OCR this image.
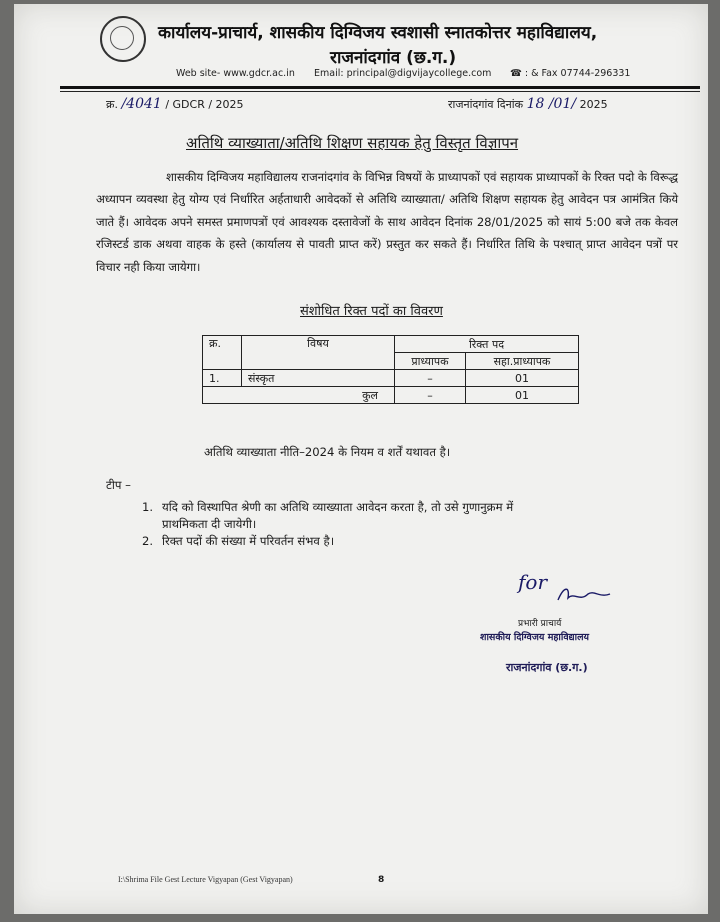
कार्यालय-प्राचार्य, शासकीय दिग्विजय स्वशासी स्नातकोत्तर महाविद्यालय,
राजनांदगांव (छ.ग.)
Web site- www.gdcr.ac.in Email: principal@digvijaycollege.com ☎ : & Fax 07744-296331
क्र. /4041 / GDCR / 2025	राजनांदगांव दिनांक 18 /01/ 2025
अतिथि व्याख्याता/अतिथि शिक्षण सहायक हेतु विस्तृत विज्ञापन
शासकीय दिग्विजय महाविद्यालय राजनांदगांव के विभिन्न विषयों के प्राध्यापकों एवं सहायक प्राध्यापकों के रिक्त पदो के विरूद्ध अध्यापन व्यवस्था हेतु योग्य एवं निर्धारित अर्हताधारी आवेदकों से अतिथि व्याख्याता/ अतिथि शिक्षण सहायक हेतु आवेदन पत्र आमंत्रित किये जाते हैं। आवेदक अपने समस्त प्रमाणपत्रों एवं आवश्यक दस्तावेजों के साथ आवेदन दिनांक 28/01/2025 को सायं 5:00 बजे तक केवल रजिस्टर्ड डाक अथवा वाहक के हस्ते (कार्यालय से पावती प्राप्त करें) प्रस्तुत कर सकते हैं। निर्धारित तिथि के पश्चात् प्राप्त आवेदन पत्रों पर विचार नही किया जायेगा।
संशोधित रिक्त पदों का विवरण
क्र.	विषय	रिक्त पद	
		प्राध्यापक	सहा.प्राध्यापक
1.	संस्कृत	–	01
कुल		–	01
अतिथि व्याख्याता नीति–2024 के नियम व शर्तें यथावत है।
टीप –
1. यदि को विस्थापित श्रेणी का अतिथि व्याख्याता आवेदन करता है, तो उसे गुणानुक्रम में
प्राथमिकता दी जायेगी।
2. रिक्त पदों की संख्या में परिवर्तन संभव है।
for
प्रभारी प्राचार्य
शासकीय दिग्विजय महाविद्यालय
राजनांदगांव (छ.ग.)
I:\Shrima File Gest Lecture Vigyapan (Gest Vigyapan)	8
